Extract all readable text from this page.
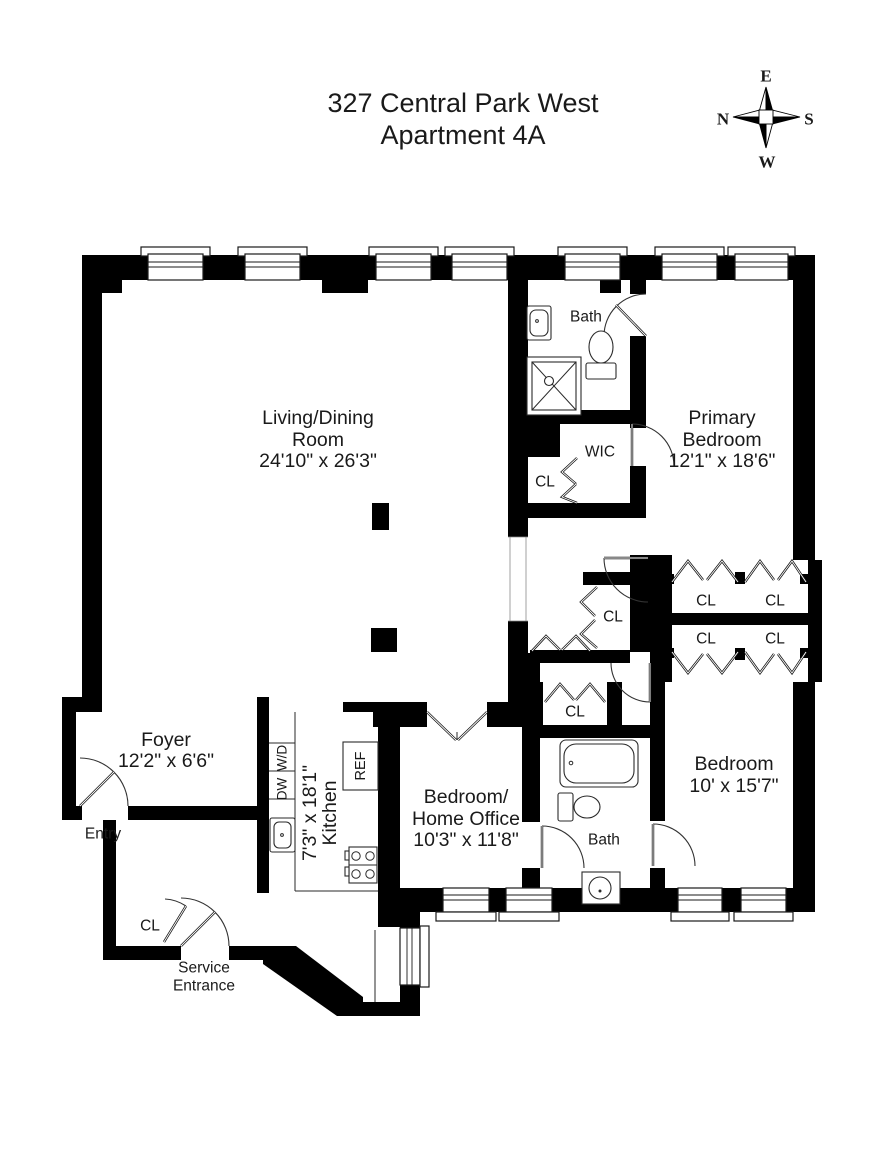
327 Central Park West
Apartment 4A
E
N	S
W
Living/Dining
Room
24'10" x 26'3"
Primary
Bedroom
12'1" x 18'6"
Bedroom
10' x 15'7"
Bedroom/
Home Office
10'3" x 11'8"
Foyer
12'2" x 6'6"
Kitchen
7'3" x 18'1"
Bath
Bath
WIC
CL
CL
CL
CL	CL
CL	CL
CL
Entry
Service
Entrance
DW
W/D	REF
